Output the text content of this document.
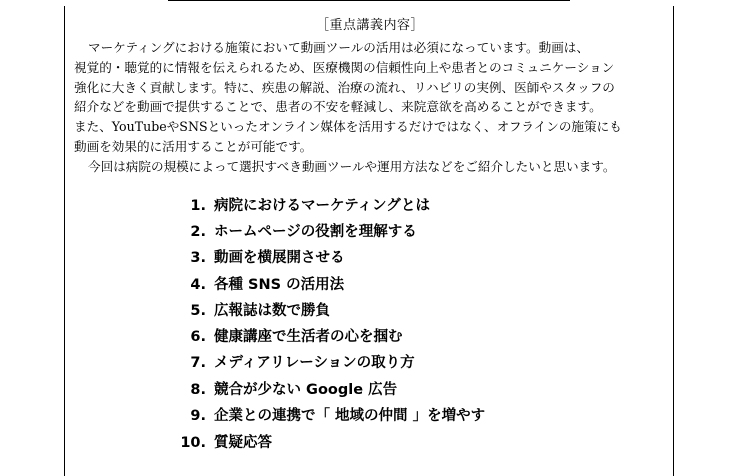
［重点講義内容］
マーケティングにおける施策において動画ツールの活用は必須になっています。動画は、
視覚的・聴覚的に情報を伝えられるため、医療機関の信頼性向上や患者とのコミュニケーション
強化に大きく貢献します。特に、疾患の解説、治療の流れ、リハビリの実例、医師やスタッフの
紹介などを動画で提供することで、患者の不安を軽減し、来院意欲を高めることができます。
また、YouTubeやSNSといったオンライン媒体を活用するだけではなく、オフラインの施策にも
動画を効果的に活用することが可能です。
今回は病院の規模によって選択すべき動画ツールや運用方法などをご紹介したいと思います。
1. 病院におけるマーケティングとは
2. ホームページの役割を理解する
3. 動画を横展開させる
4. 各種 SNS の活用法
5. 広報誌は数で勝負
6. 健康講座で生活者の心を掴む
7. メディアリレーションの取り方
8. 競合が少ない Google 広告
9. 企業との連携で「 地域の仲間 」を増やす
10. 質疑応答
